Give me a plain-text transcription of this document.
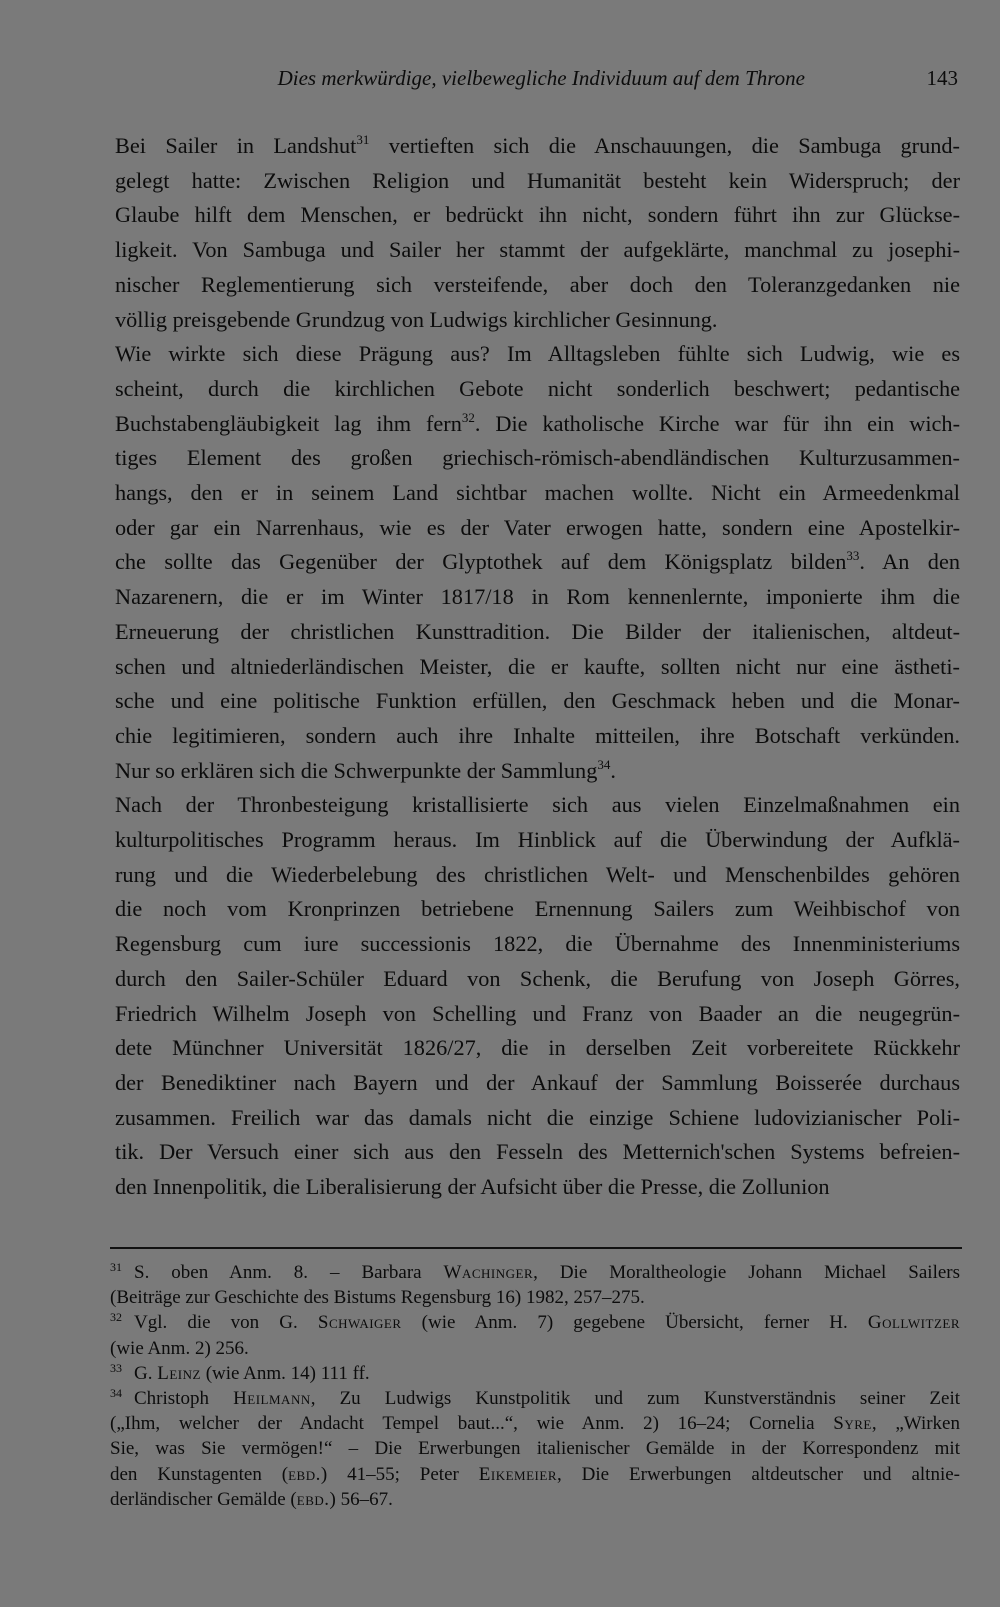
Dies merkwürdige, vielbewegliche Individuum auf dem Throne	143
Bei Sailer in Landshut$^{31}$ vertieften sich die Anschauungen, die Sambuga grund-
gelegt hatte: Zwischen Religion und Humanität besteht kein Widerspruch; der
Glaube hilft dem Menschen, er bedrückt ihn nicht, sondern führt ihn zur Glückse-
ligkeit. Von Sambuga und Sailer her stammt der aufgeklärte, manchmal zu josephi-
nischer Reglementierung sich versteifende, aber doch den Toleranzgedanken nie
völlig preisgebende Grundzug von Ludwigs kirchlicher Gesinnung.
Wie wirkte sich diese Prägung aus? Im Alltagsleben fühlte sich Ludwig, wie es
scheint, durch die kirchlichen Gebote nicht sonderlich beschwert; pedantische
Buchstabengläubigkeit lag ihm fern$^{32}$. Die katholische Kirche war für ihn ein wich-
tiges Element des großen griechisch-römisch-abendländischen Kulturzusammen-
hangs, den er in seinem Land sichtbar machen wollte. Nicht ein Armeedenkmal
oder gar ein Narrenhaus, wie es der Vater erwogen hatte, sondern eine Apostelkir-
che sollte das Gegenüber der Glyptothek auf dem Königsplatz bilden$^{33}$. An den
Nazarenern, die er im Winter 1817/18 in Rom kennenlernte, imponierte ihm die
Erneuerung der christlichen Kunsttradition. Die Bilder der italienischen, altdeut-
schen und altniederländischen Meister, die er kaufte, sollten nicht nur eine ästheti-
sche und eine politische Funktion erfüllen, den Geschmack heben und die Monar-
chie legitimieren, sondern auch ihre Inhalte mitteilen, ihre Botschaft verkünden.
Nur so erklären sich die Schwerpunkte der Sammlung$^{34}$.
Nach der Thronbesteigung kristallisierte sich aus vielen Einzelmaßnahmen ein
kulturpolitisches Programm heraus. Im Hinblick auf die Überwindung der Aufklä-
rung und die Wiederbelebung des christlichen Welt- und Menschenbildes gehören
die noch vom Kronprinzen betriebene Ernennung Sailers zum Weihbischof von
Regensburg cum iure successionis 1822, die Übernahme des Innenministeriums
durch den Sailer-Schüler Eduard von Schenk, die Berufung von Joseph Görres,
Friedrich Wilhelm Joseph von Schelling und Franz von Baader an die neugegrün-
dete Münchner Universität 1826/27, die in derselben Zeit vorbereitete Rückkehr
der Benediktiner nach Bayern und der Ankauf der Sammlung Boisserée durchaus
zusammen. Freilich war das damals nicht die einzige Schiene ludovizianischer Poli-
tik. Der Versuch einer sich aus den Fesseln des Metternich'schen Systems befreien-
den Innenpolitik, die Liberalisierung der Aufsicht über die Presse, die Zollunion
31 S. oben Anm. 8. – Barbara Wachinger, Die Moraltheologie Johann Michael Sailers
(Beiträge zur Geschichte des Bistums Regensburg 16) 1982, 257–275.
32 Vgl. die von G. Schwaiger (wie Anm. 7) gegebene Übersicht, ferner H. Gollwitzer
(wie Anm. 2) 256.
33 G. Leinz (wie Anm. 14) 111 ff.
34 Christoph Heilmann, Zu Ludwigs Kunstpolitik und zum Kunstverständnis seiner Zeit
(„Ihm, welcher der Andacht Tempel baut...“, wie Anm. 2) 16–24; Cornelia Syre, „Wirken
Sie, was Sie vermögen!“ – Die Erwerbungen italienischer Gemälde in der Korrespondenz mit
den Kunstagenten (ebd.) 41–55; Peter Eikemeier, Die Erwerbungen altdeutscher und altnie-
derländischer Gemälde (ebd.) 56–67.
